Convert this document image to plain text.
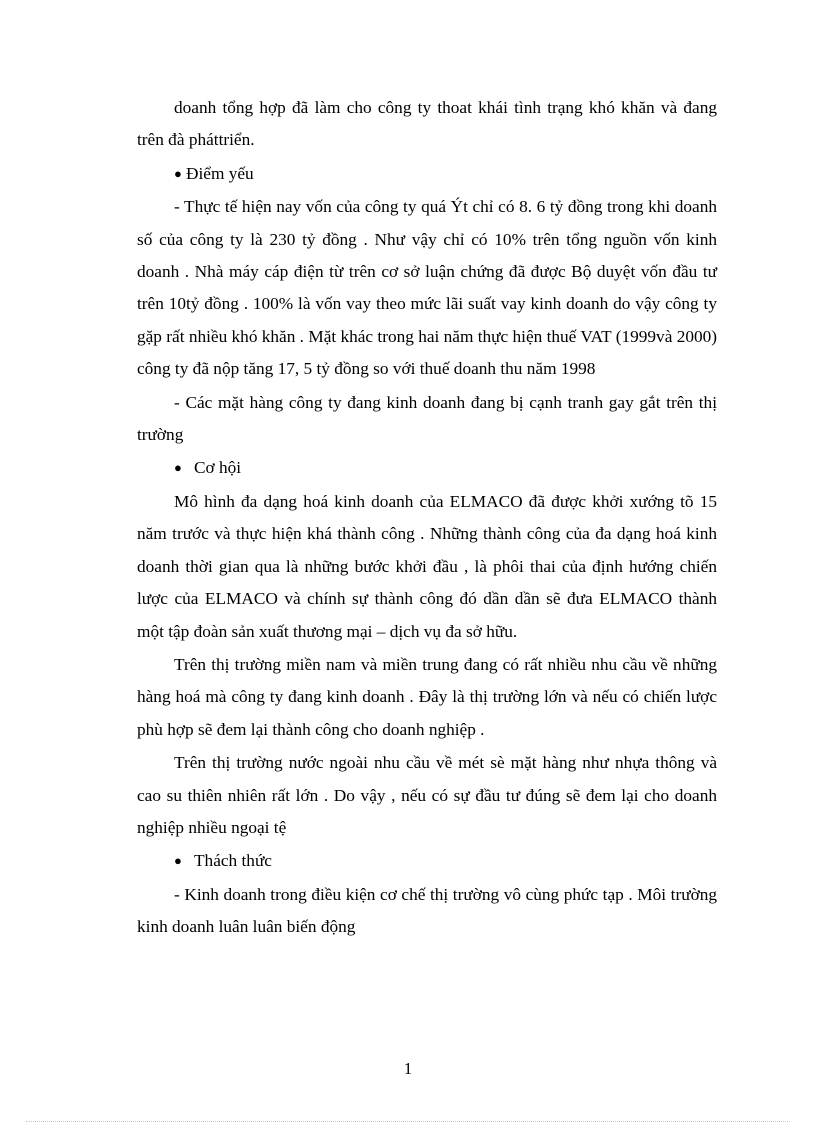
doanh tổng hợp đã làm cho công ty thoat khái tình trạng khó khăn và đang trên đà pháttriển.

● Điểm yếu

- Thực tế hiện nay vốn của công ty quá Ýt chỉ có 8. 6 tỷ đồng trong khi doanh số của công ty là 230 tỷ đồng . Như vậy chỉ có 10% trên tổng nguồn vốn kinh doanh . Nhà máy cáp điện từ trên cơ sở luận chứng đã được Bộ duyệt vốn đầu tư trên 10tỷ đồng . 100% là vốn vay theo mức lãi suất vay kinh doanh do vậy công ty gặp rất nhiều khó khăn . Mặt khác trong hai năm thực hiện thuế VAT (1999và 2000) công ty đã nộp tăng 17, 5 tỷ đồng so với thuế doanh thu năm 1998

- Các mặt hàng công ty đang kinh doanh đang bị cạnh tranh gay gắt trên thị trường

● Cơ hội

Mô hình đa dạng hoá kinh doanh của ELMACO đã được khởi xướng tõ 15 năm trước và thực hiện khá thành công . Những thành công của đa dạng hoá kinh doanh thời gian qua là những bước khởi đầu , là phôi thai của định hướng chiến lược của ELMACO và chính sự thành công đó dần dần sẽ đưa ELMACO thành một tập đoàn sản xuất thương mại – dịch vụ đa sở hữu.

Trên thị trường miền nam và miền trung đang có rất nhiều nhu cầu về những hàng hoá mà công ty đang kinh doanh . Đây là thị trường lớn và nếu có chiến lược phù hợp sẽ đem lại thành công cho doanh nghiệp .

Trên thị trường nước ngoài nhu cầu về mét sè mặt hàng như nhựa thông và cao su thiên nhiên rất lớn . Do vậy , nếu có sự đầu tư đúng sẽ đem lại cho doanh nghiệp nhiều ngoại tệ

● Thách thức

- Kinh doanh trong điều kiện cơ chế thị trường vô cùng phức tạp . Môi trường kinh doanh luân luân biến động

1
